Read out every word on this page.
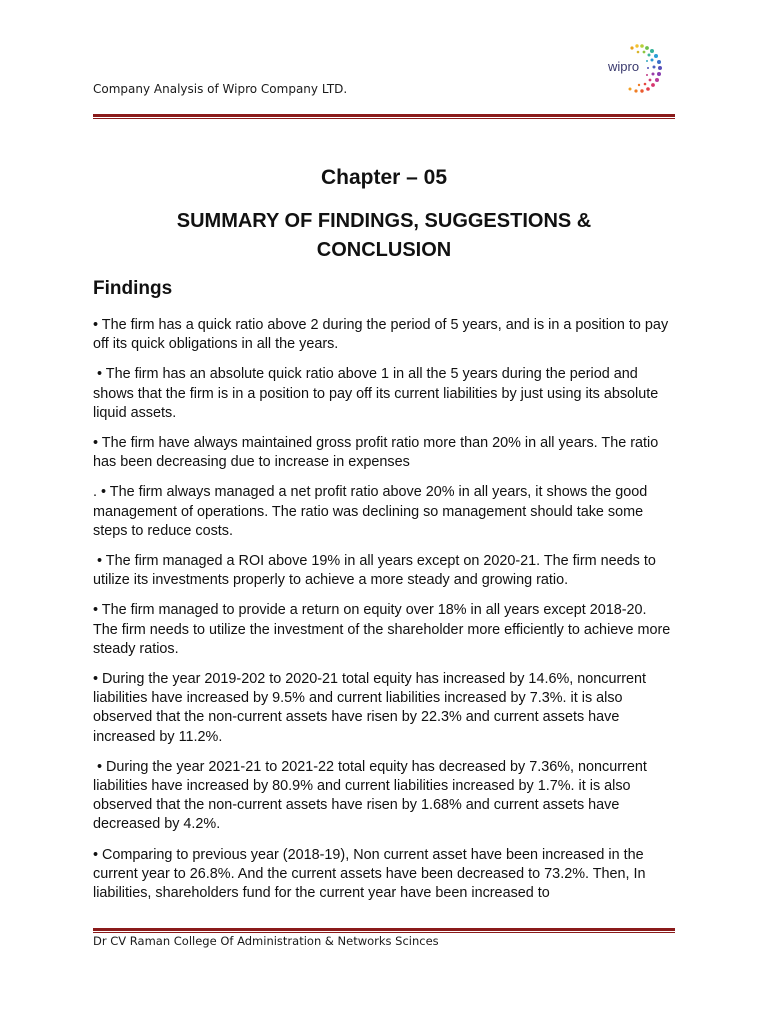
Company Analysis of Wipro Company LTD.
wipro
Chapter – 05
SUMMARY OF FINDINGS, SUGGESTIONS &
CONCLUSION
Findings

• The firm has a quick ratio above 2 during the period of 5 years, and is in a position to pay off its quick obligations in all the years.

• The firm has an absolute quick ratio above 1 in all the 5 years during the period and shows that the firm is in a position to pay off its current liabilities by just using its absolute liquid assets.

• The firm have always maintained gross profit ratio more than 20% in all years. The ratio has been decreasing due to increase in expenses

. • The firm always managed a net profit ratio above 20% in all years, it shows the good management of operations. The ratio was declining so management should take some steps to reduce costs.

• The firm managed a ROI above 19% in all years except on 2020-21. The firm needs to utilize its investments properly to achieve a more steady and growing ratio.

• The firm managed to provide a return on equity over 18% in all years except 2018-20. The firm needs to utilize the investment of the shareholder more efficiently to achieve more steady ratios.

• During the year 2019-202 to 2020-21 total equity has increased by 14.6%, noncurrent liabilities have increased by 9.5% and current liabilities increased by 7.3%. it is also observed that the non-current assets have risen by 22.3% and current assets have increased by 11.2%.

• During the year 2021-21 to 2021-22 total equity has decreased by 7.36%, noncurrent liabilities have increased by 80.9% and current liabilities increased by 1.7%. it is also observed that the non-current assets have risen by 1.68% and current assets have decreased by 4.2%.

• Comparing to previous year (2018-19), Non current asset have been increased in the current year to 26.8%. And the current assets have been decreased to 73.2%. Then, In liabilities, shareholders fund for the current year have been increased to

Dr CV Raman College Of Administration & Networks Scinces
